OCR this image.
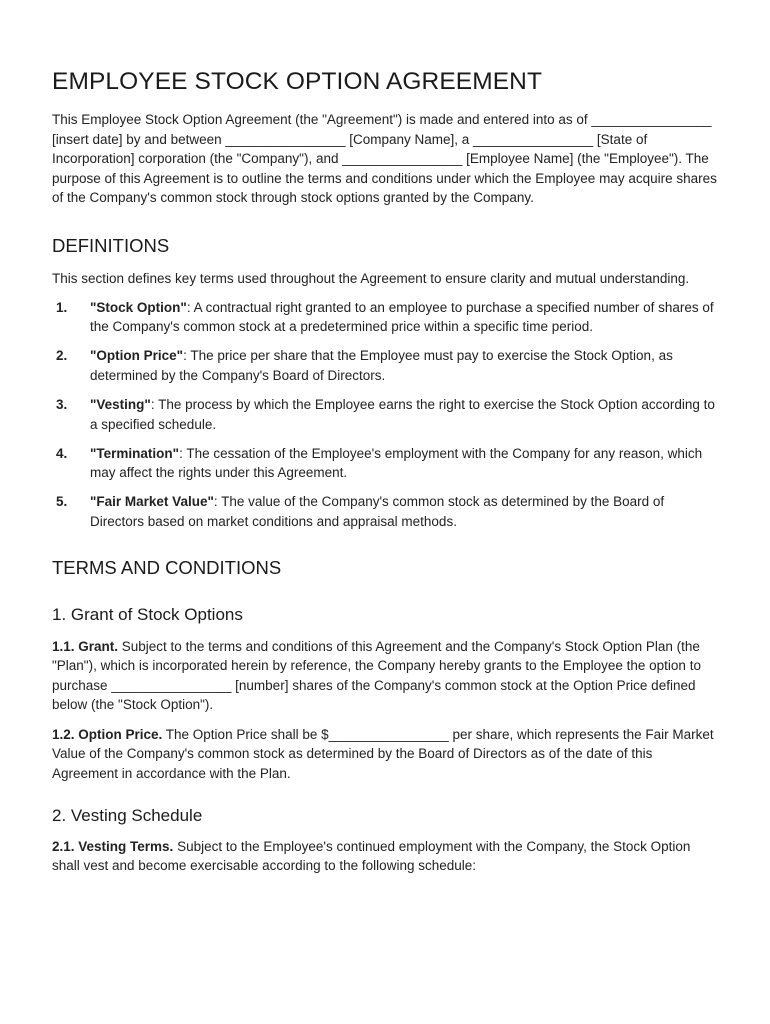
EMPLOYEE STOCK OPTION AGREEMENT

This Employee Stock Option Agreement (the "Agreement") is made and entered into as of ________________ [insert date] by and between ________________ [Company Name], a ________________ [State of Incorporation] corporation (the "Company"), and ________________ [Employee Name] (the "Employee"). The purpose of this Agreement is to outline the terms and conditions under which the Employee may acquire shares of the Company's common stock through stock options granted by the Company.

DEFINITIONS

This section defines key terms used throughout the Agreement to ensure clarity and mutual understanding.

1. "Stock Option": A contractual right granted to an employee to purchase a specified number of shares of the Company's common stock at a predetermined price within a specific time period.
2. "Option Price": The price per share that the Employee must pay to exercise the Stock Option, as determined by the Company's Board of Directors.
3. "Vesting": The process by which the Employee earns the right to exercise the Stock Option according to a specified schedule.
4. "Termination": The cessation of the Employee's employment with the Company for any reason, which may affect the rights under this Agreement.
5. "Fair Market Value": The value of the Company's common stock as determined by the Board of Directors based on market conditions and appraisal methods.
TERMS AND CONDITIONS
1. Grant of Stock Options

1.1. Grant. Subject to the terms and conditions of this Agreement and the Company's Stock Option Plan (the "Plan"), which is incorporated herein by reference, the Company hereby grants to the Employee the option to purchase ________________ [number] shares of the Company's common stock at the Option Price defined below (the "Stock Option").

1.2. Option Price. The Option Price shall be $________________ per share, which represents the Fair Market Value of the Company's common stock as determined by the Board of Directors as of the date of this Agreement in accordance with the Plan.

2. Vesting Schedule

2.1. Vesting Terms. Subject to the Employee's continued employment with the Company, the Stock Option shall vest and become exercisable according to the following schedule:
